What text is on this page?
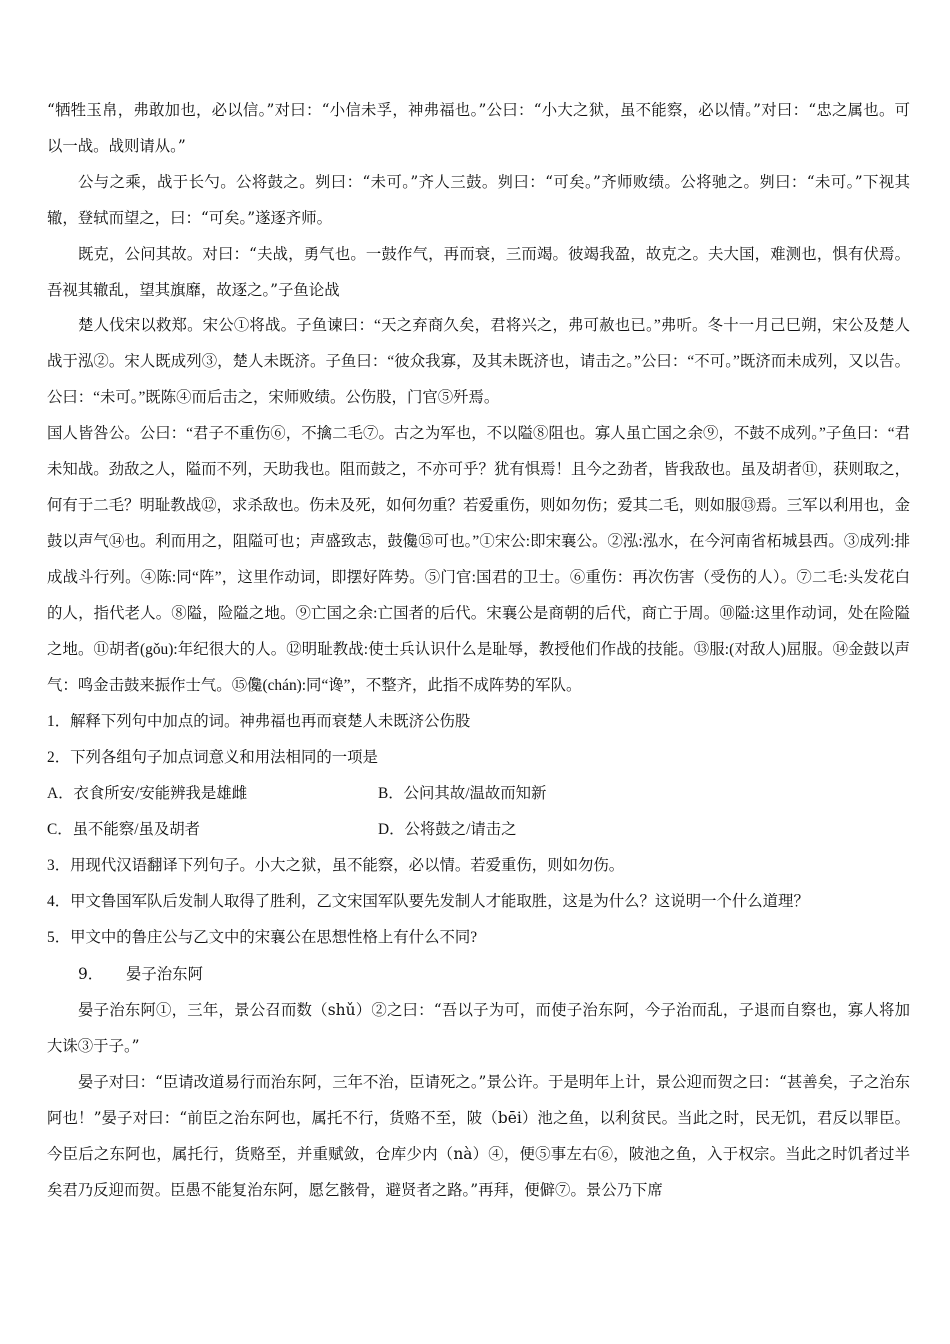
“牺牲玉帛，弗敢加也，必以信。”对曰：“小信未孚，神弗福也。”公曰：“小大之狱，虽不能察，必以情。”对曰：“忠之属也。可以一战。战则请从。”

公与之乘，战于长勺。公将鼓之。刿曰：“未可。”齐人三鼓。刿曰：“可矣。”齐师败绩。公将驰之。刿曰：“未可。”下视其辙，登轼而望之，曰：“可矣。”遂逐齐师。

既克，公问其故。对曰：“夫战，勇气也。一鼓作气，再而衰，三而竭。彼竭我盈，故克之。夫大国，难测也，惧有伏焉。吾视其辙乱，望其旗靡，故逐之。”子鱼论战

楚人伐宋以救郑。宋公①将战。子鱼谏曰：“天之弃商久矣，君将兴之，弗可赦也已。”弗听。冬十一月己巳朔，宋公及楚人战于泓②。宋人既成列③，楚人未既济。子鱼曰：“彼众我寡，及其未既济也，请击之。”公曰：“不可。”既济而未成列，又以告。公曰：“未可。”既陈④而后击之，宋师败绩。公伤股，门官⑤歼焉。

国人皆咎公。公曰：“君子不重伤⑥，不擒二毛⑦。古之为军也，不以隘⑧阻也。寡人虽亡国之余⑨，不鼓不成列。”子鱼曰：“君未知战。劲敌之人，隘而不列，天助我也。阻而鼓之，不亦可乎？犹有惧焉！且今之劲者，皆我敌也。虽及胡者⑪，获则取之，何有于二毛？明耻教战⑫，求杀敌也。伤未及死，如何勿重？若爱重伤，则如勿伤；爱其二毛，则如服⑬焉。三军以利用也，金鼓以声气⑭也。利而用之，阻隘可也；声盛致志，鼓儳⑮可也。”①宋公:即宋襄公。②泓:泓水，在今河南省柘城县西。③成列:排成战斗行列。④陈:同“阵”，这里作动词，即摆好阵势。⑤门官:国君的卫士。⑥重伤：再次伤害（受伤的人）。⑦二毛:头发花白的人，指代老人。⑧隘，险隘之地。⑨亡国之余:亡国者的后代。宋襄公是商朝的后代，商亡于周。⑩隘:这里作动词，处在险隘之地。⑪胡者(gǒu):年纪很大的人。⑫明耻教战:使士兵认识什么是耻辱，教授他们作战的技能。⑬服:(对敌人)屈服。⑭金鼓以声气：鸣金击鼓来振作士气。⑮儳(chán):同“谗”，不整齐，此指不成阵势的军队。

1．解释下列句中加点的词。神弗福也再而衰楚人未既济公伤股

2．下列各组句子加点词意义和用法相同的一项是

A．衣食所安/安能辨我是雄雌	B．公问其故/温故而知新
C．虽不能察/虽及胡者	D．公将鼓之/请击之

3．用现代汉语翻译下列句子。小大之狱，虽不能察，必以情。若爱重伤，则如勿伤。

4．甲文鲁国军队后发制人取得了胜利，乙文宋国军队要先发制人才能取胜，这是为什么？这说明一个什么道理？

5．甲文中的鲁庄公与乙文中的宋襄公在思想性格上有什么不同?

9． 晏子治东阿

晏子治东阿①，三年，景公召而数（shǔ）②之曰：“吾以子为可，而使子治东阿，今子治而乱，子退而自察也，寡人将加大诛③于子。”

晏子对曰：“臣请改道易行而治东阿，三年不治，臣请死之。”景公许。于是明年上计，景公迎而贺之曰：“甚善矣，子之治东阿也！”晏子对曰：“前臣之治东阿也，属托不行，货赂不至，陂（bēi）池之鱼，以利贫民。当此之时，民无饥，君反以罪臣。今臣后之东阿也，属托行，货赂至，并重赋敛，仓库少内（nà）④，便⑤事左右⑥，陂池之鱼，入于权宗。当此之时饥者过半矣君乃反迎而贺。臣愚不能复治东阿，愿乞骸骨，避贤者之路。”再拜，便僻⑦。景公乃下席
